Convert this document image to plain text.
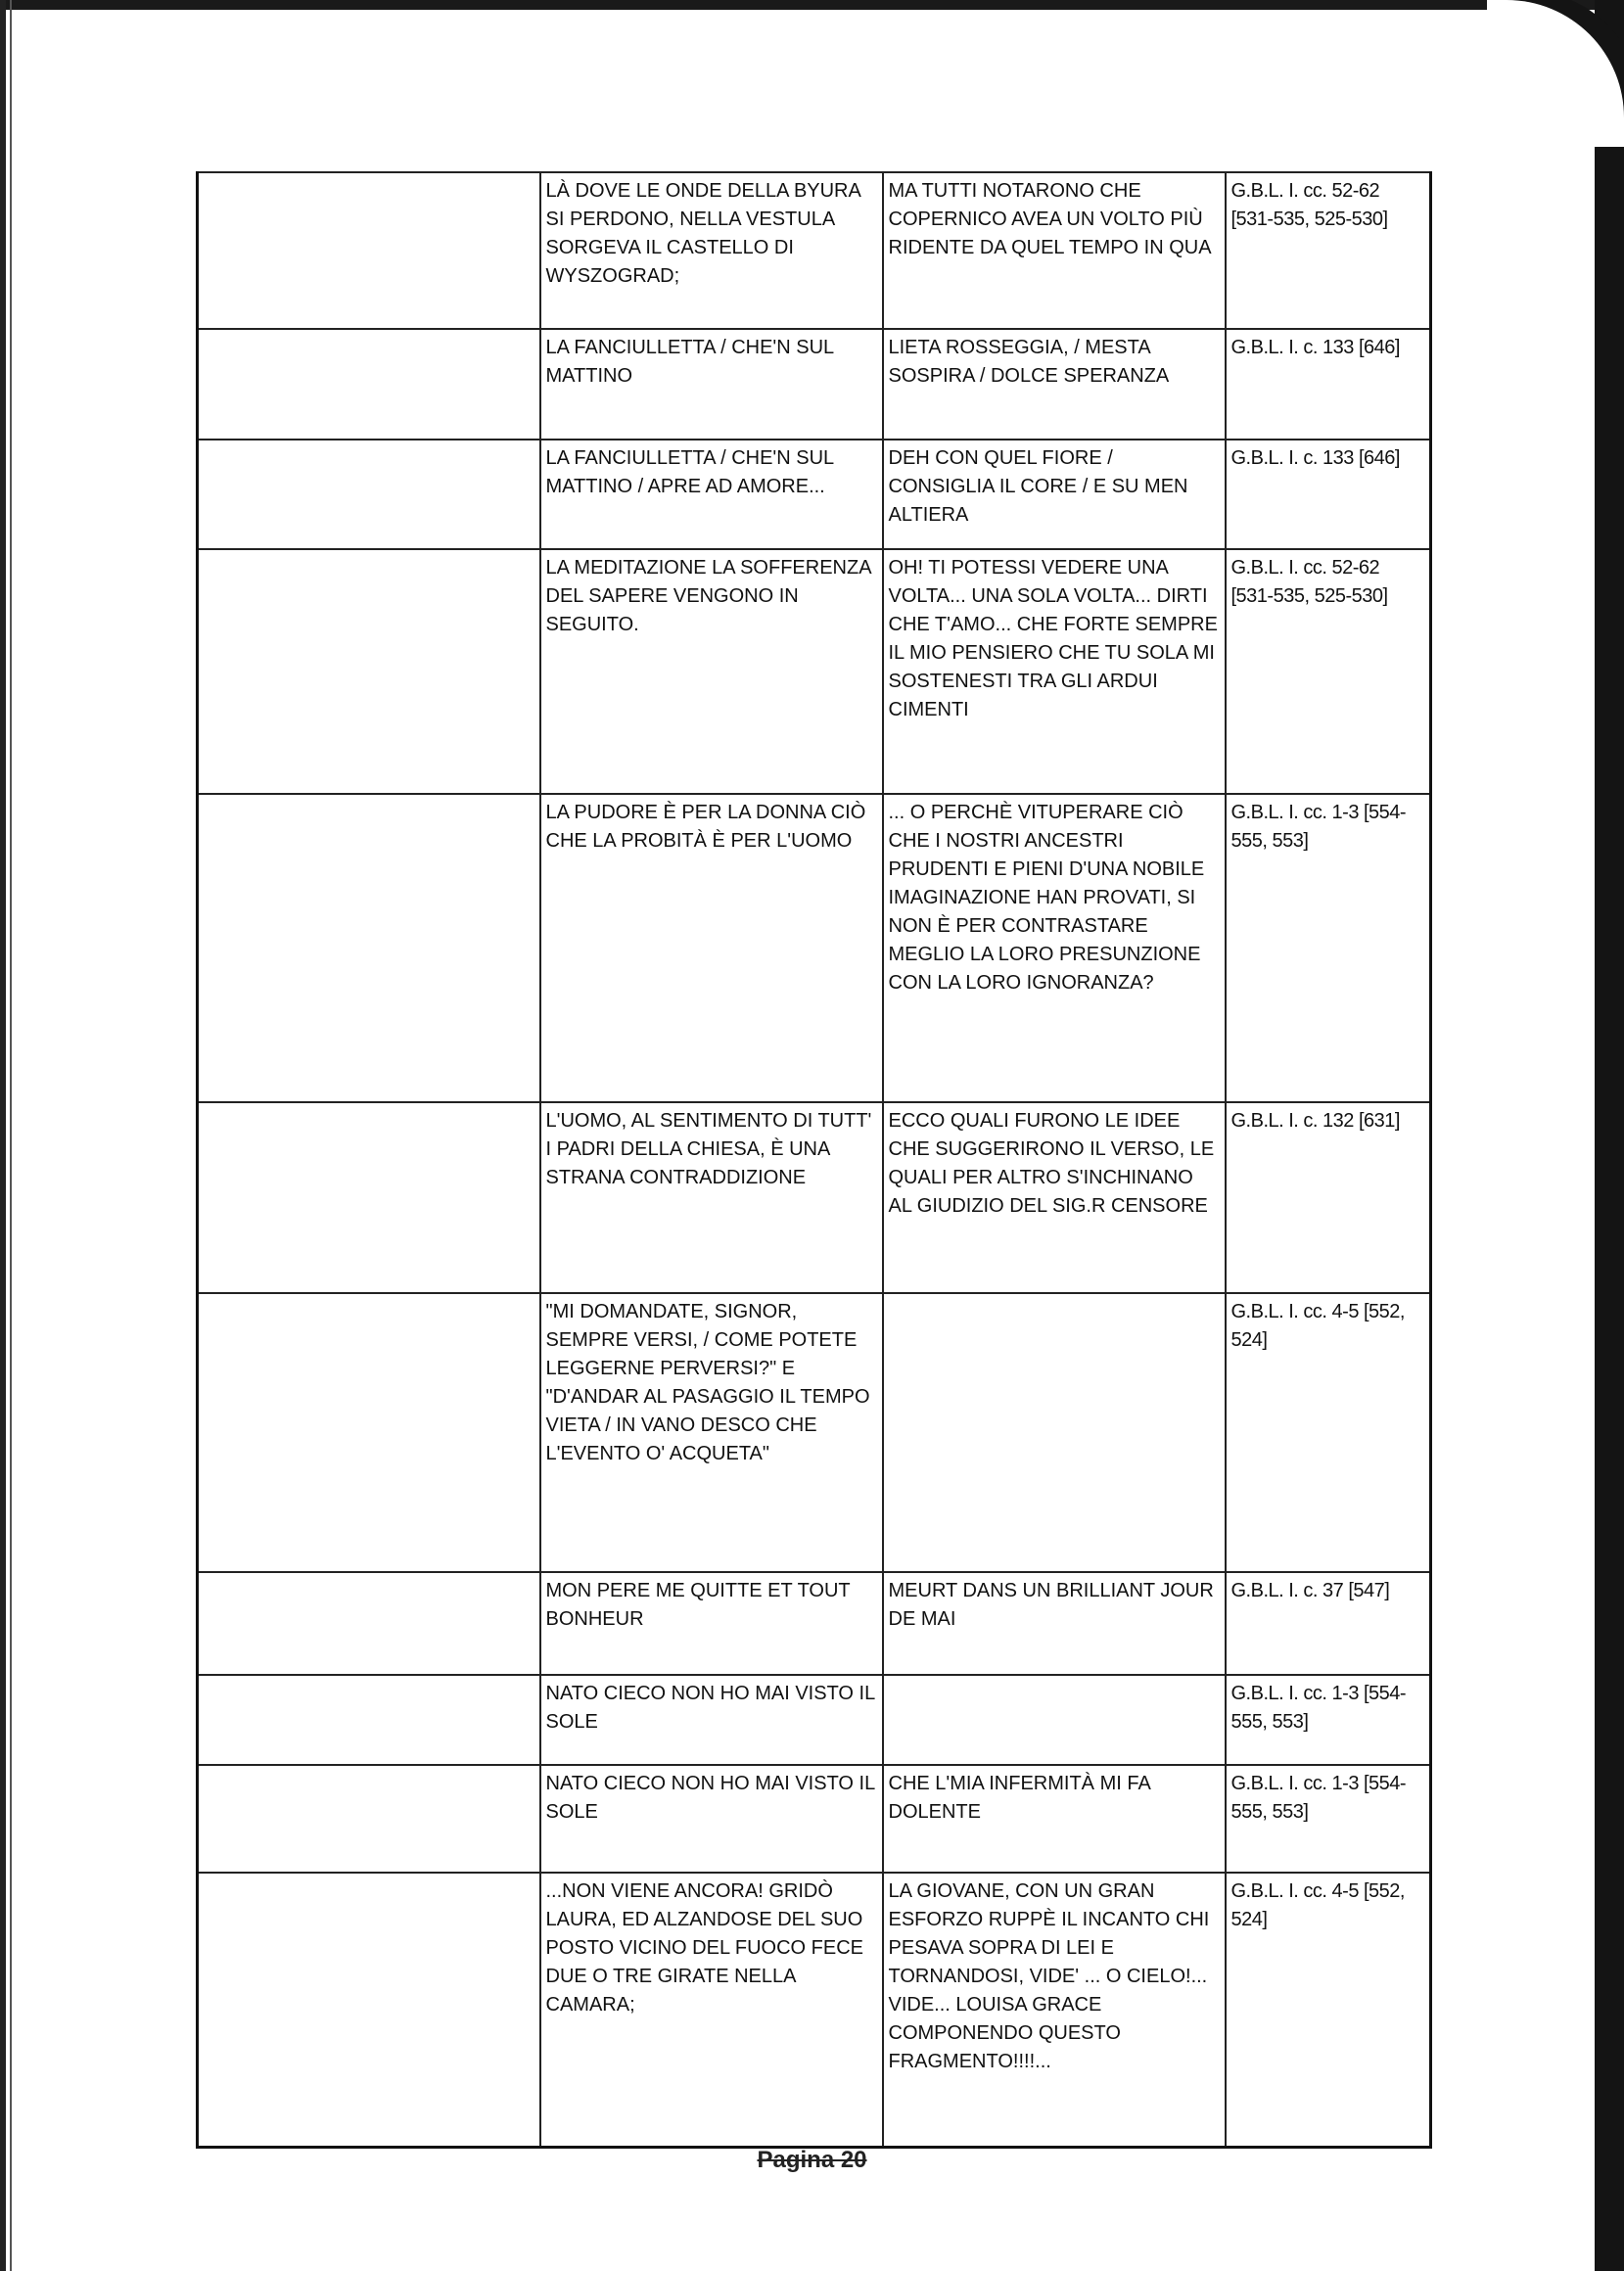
	LÀ DOVE LE ONDE DELLA BYURA SI PERDONO, NELLA VESTULA SORGEVA IL CASTELLO DI WYSZOGRAD;	MA TUTTI NOTARONO CHE COPERNICO AVEA UN VOLTO PIÙ RIDENTE DA QUEL TEMPO IN QUA	G.B.L. I. cc. 52-62 [531-535, 525-530]
	LA FANCIULLETTA / CHE'N SUL MATTINO	LIETA ROSSEGGIA, / MESTA SOSPIRA / DOLCE SPERANZA	G.B.L. I. c. 133 [646]
	LA FANCIULLETTA / CHE'N SUL MATTINO / APRE AD AMORE...	DEH CON QUEL FIORE / CONSIGLIA IL CORE / E SU MEN ALTIERA	G.B.L. I. c. 133 [646]
	LA MEDITAZIONE LA SOFFERENZA DEL SAPERE VENGONO IN SEGUITO.	OH! TI POTESSI VEDERE UNA VOLTA... UNA SOLA VOLTA... DIRTI CHE T'AMO... CHE FORTE SEMPRE IL MIO PENSIERO CHE TU SOLA MI SOSTENESTI TRA GLI ARDUI CIMENTI	G.B.L. I. cc. 52-62 [531-535, 525-530]
	LA PUDORE È PER LA DONNA CIÒ CHE LA PROBITÀ È PER L'UOMO	... O PERCHÈ VITUPERARE CIÒ CHE I NOSTRI ANCESTRI PRUDENTI E PIENI D'UNA NOBILE IMAGINAZIONE HAN PROVATI, SI NON È PER CONTRASTARE MEGLIO LA LORO PRESUNZIONE CON LA LORO IGNORANZA?	G.B.L. I. cc. 1-3 [554-555, 553]
	L'UOMO, AL SENTIMENTO DI TUTT' I PADRI DELLA CHIESA, È UNA STRANA CONTRADDIZIONE	ECCO QUALI FURONO LE IDEE CHE SUGGERIRONO IL VERSO, LE QUALI PER ALTRO S'INCHINANO AL GIUDIZIO DEL SIG.R CENSORE	G.B.L. I. c. 132 [631]
	"MI DOMANDATE, SIGNOR, SEMPRE VERSI, / COME POTETE LEGGERNE PERVERSI?" E "D'ANDAR AL PASAGGIO IL TEMPO VIETA / IN VANO DESCO CHE L'EVENTO O' ACQUETA"		G.B.L. I. cc. 4-5 [552, 524]
	MON PERE ME QUITTE ET TOUT BONHEUR	MEURT DANS UN BRILLIANT JOUR DE MAI	G.B.L. I. c. 37 [547]
	NATO CIECO NON HO MAI VISTO IL SOLE		G.B.L. I. cc. 1-3 [554-555, 553]
	NATO CIECO NON HO MAI VISTO IL SOLE	CHE L'MIA INFERMITÀ MI FA DOLENTE	G.B.L. I. cc. 1-3 [554-555, 553]
	...NON VIENE ANCORA! GRIDÒ LAURA, ED ALZANDOSE DEL SUO POSTO VICINO DEL FUOCO FECE DUE O TRE GIRATE NELLA CAMARA;	LA GIOVANE, CON UN GRAN ESFORZO RUPPÈ IL INCANTO CHI PESAVA SOPRA DI LEI E TORNANDOSI, VIDE' ... O CIELO!... VIDE... LOUISA GRACE COMPONENDO QUESTO FRAGMENTO!!!!...	G.B.L. I. cc. 4-5 [552, 524]
Pagina 20
